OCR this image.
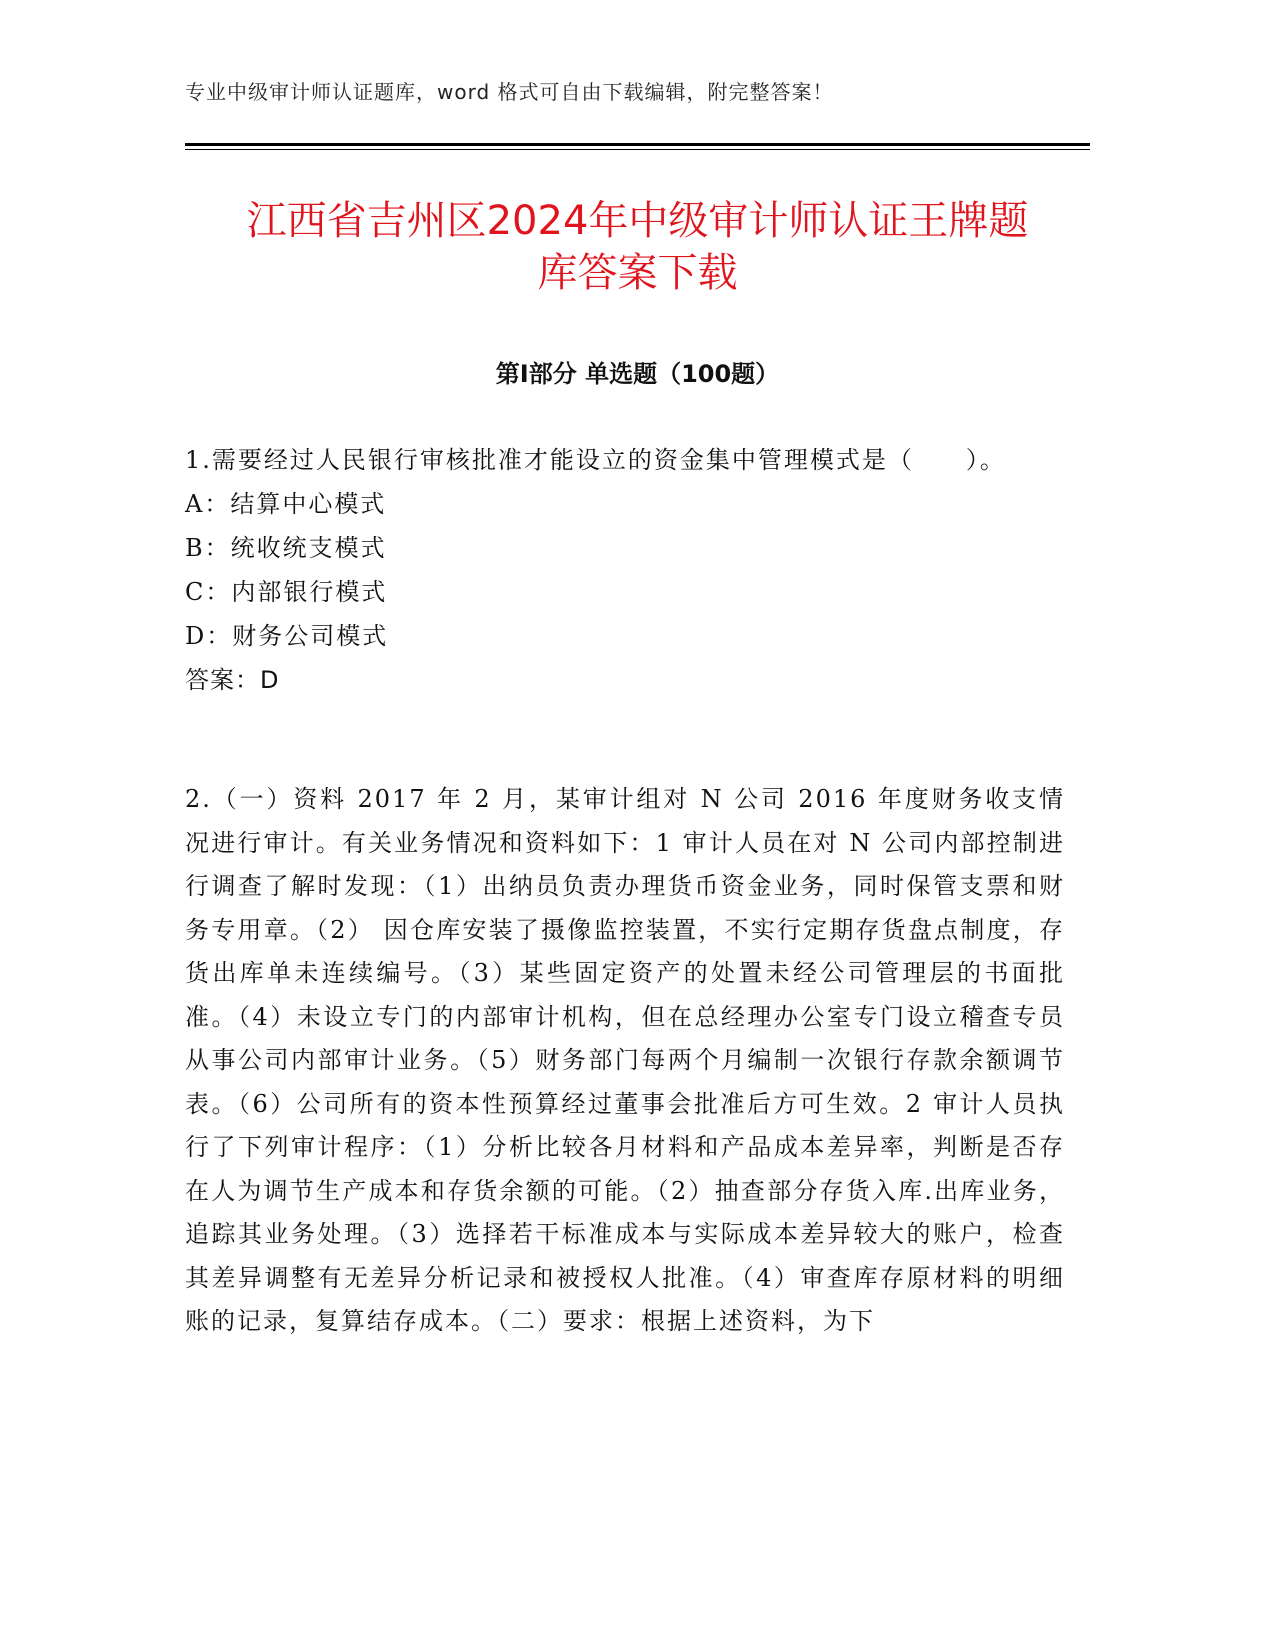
专业中级审计师认证题库，word 格式可自由下载编辑，附完整答案！
江西省吉州区2024年中级审计师认证王牌题
库答案下载
第Ⅰ部分 单选题（100题）
1.需要经过人民银行审核批准才能设立的资金集中管理模式是（　　）。
A：结算中心模式
B：统收统支模式
C：内部银行模式
D：财务公司模式
答案：D
2.（一）资料 2017 年 2 月，某审计组对 N 公司 2016 年度财务收支情况进行审计。有关业务情况和资料如下：1 审计人员在对 N 公司内部控制进行调查了解时发现：（1）出纳员负责办理货币资金业务，同时保管支票和财务专用章。（2） 因仓库安装了摄像监控装置，不实行定期存货盘点制度，存货出库单未连续编号。（3）某些固定资产的处置未经公司管理层的书面批准。（4）未设立专门的内部审计机构，但在总经理办公室专门设立稽查专员从事公司内部审计业务。（5）财务部门每两个月编制一次银行存款余额调节表。（6）公司所有的资本性预算经过董事会批准后方可生效。2 审计人员执行了下列审计程序：（1）分析比较各月材料和产品成本差异率，判断是否存在人为调节生产成本和存货余额的可能。（2）抽查部分存货入库.出库业务，追踪其业务处理。（3）选择若干标准成本与实际成本差异较大的账户，检查其差异调整有无差异分析记录和被授权人批准。（4）审查库存原材料的明细账的记录，复算结存成本。（二）要求：根据上述资料，为下
